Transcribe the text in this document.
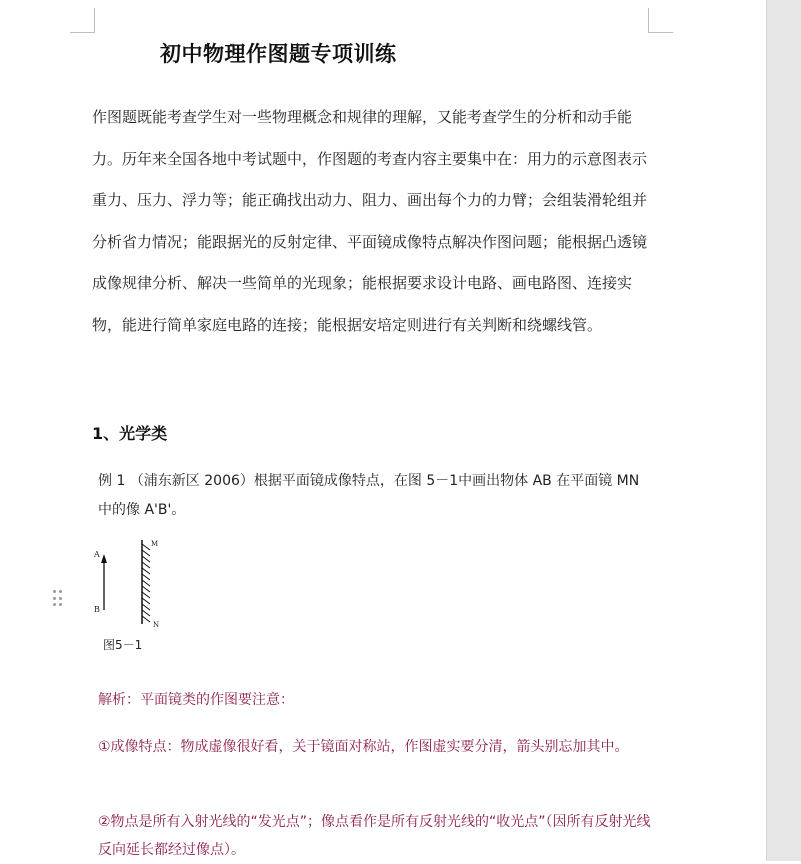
初中物理作图题专项训练

作图题既能考查学生对一些物理概念和规律的理解，又能考查学生的分析和动手能力。历年来全国各地中考试题中，作图题的考查内容主要集中在：用力的示意图表示重力、压力、浮力等；能正确找出动力、阻力、画出每个力的力臂；会组装滑轮组并分析省力情况；能跟据光的反射定律、平面镜成像特点解决作图问题；能根据凸透镜成像规律分析、解决一些简单的光现象；能根据要求设计电路、画电路图、连接实物，能进行简单家庭电路的连接；能根据安培定则进行有关判断和绕螺线管。

1、光学类

例 1 （浦东新区 2006）根据平面镜成像特点，在图 5－1中画出物体 AB 在平面镜 MN 中的像 A'B'。

A
B
M
N
图5－1

解析：平面镜类的作图要注意：

①成像特点：物成虚像很好看，关于镜面对称站，作图虚实要分清，箭头别忘加其中。

②物点是所有入射光线的“发光点”；像点看作是所有反射光线的“收光点”（因所有反射光线反向延长都经过像点）。
